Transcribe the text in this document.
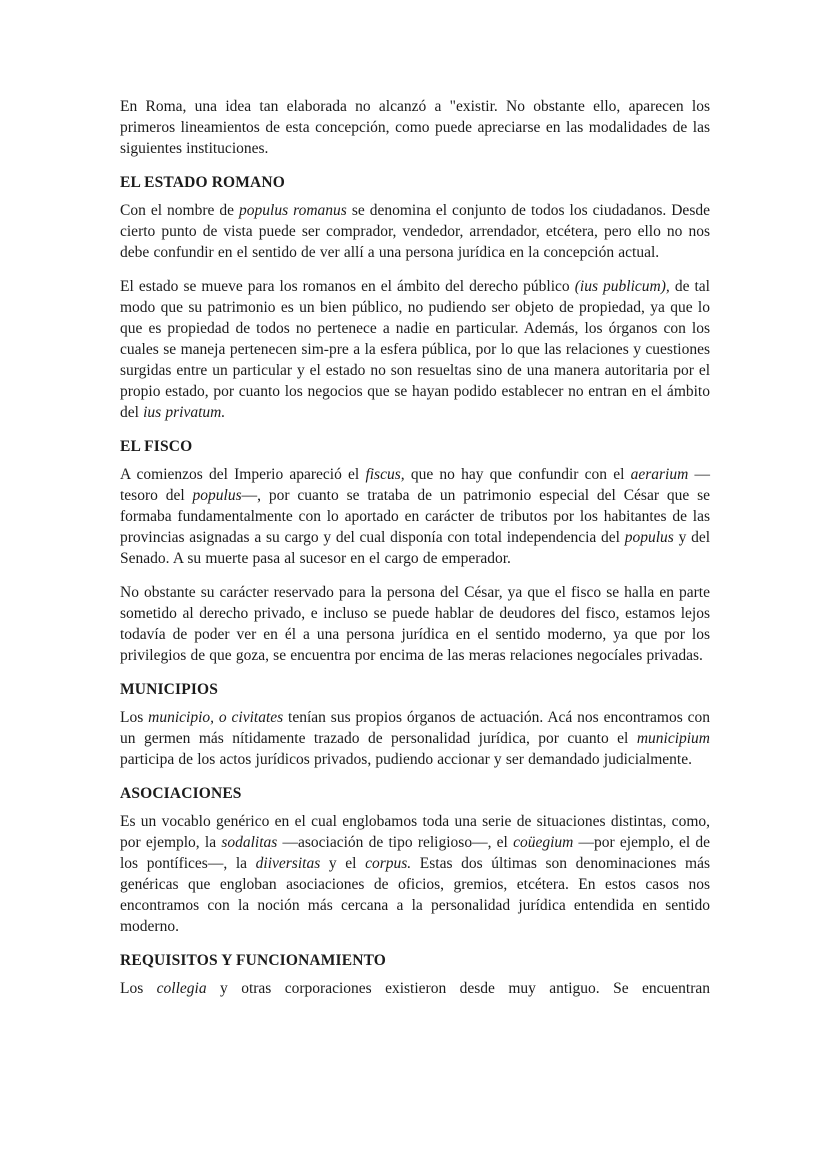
En Roma, una idea tan elaborada no alcanzó a "existir. No obstante ello, aparecen los primeros lineamientos de esta concepción, como puede apreciarse en las modalidades de las siguientes instituciones.

EL ESTADO ROMANO

Con el nombre de populus romanus se denomina el conjunto de todos los ciudadanos. Desde cierto punto de vista puede ser comprador, vendedor, arrendador, etcétera, pero ello no nos debe confundir en el sentido de ver allí a una persona jurídica en la concepción actual.

El estado se mueve para los romanos en el ámbito del derecho público (ius publicum), de tal modo que su patrimonio es un bien público, no pudiendo ser objeto de propiedad, ya que lo que es propiedad de todos no pertenece a nadie en particular. Además, los órganos con los cuales se maneja pertenecen sim-pre a la esfera pública, por lo que las relaciones y cuestiones surgidas entre un particular y el estado no son resueltas sino de una manera autoritaria por el propio estado, por cuanto los negocios que se hayan podido establecer no entran en el ámbito del ius privatum.

EL FISCO

A comienzos del Imperio apareció el fiscus, que no hay que confundir con el aerarium —tesoro del populus—, por cuanto se trataba de un patrimonio especial del César que se formaba fundamentalmente con lo aportado en carácter de tributos por los habitantes de las provincias asignadas a su cargo y del cual disponía con total independencia del populus y del Senado. A su muerte pasa al sucesor en el cargo de emperador.

No obstante su carácter reservado para la persona del César, ya que el fisco se halla en parte sometido al derecho privado, e incluso se puede hablar de deudores del fisco, estamos lejos todavía de poder ver en él a una persona jurídica en el sentido moderno, ya que por los privilegios de que goza, se encuentra por encima de las meras relaciones negocíales privadas.

MUNICIPIOS

Los municipio, o civitates tenían sus propios órganos de actuación. Acá nos encontramos con un germen más nítidamente trazado de personalidad jurídica, por cuanto el municipium participa de los actos jurídicos privados, pudiendo accionar y ser demandado judicialmente.

ASOCIACIONES

Es un vocablo genérico en el cual englobamos toda una serie de situaciones distintas, como, por ejemplo, la sodalitas —asociación de tipo religioso—, el coüegium —por ejemplo, el de los pontífices—, la diiversitas y el corpus. Estas dos últimas son denominaciones más genéricas que engloban asociaciones de oficios, gremios, etcétera. En estos casos nos encontramos con la noción más cercana a la personalidad jurídica entendida en sentido moderno.

REQUISITOS Y FUNCIONAMIENTO

Los collegia y otras corporaciones existieron desde muy antiguo. Se encuentran
